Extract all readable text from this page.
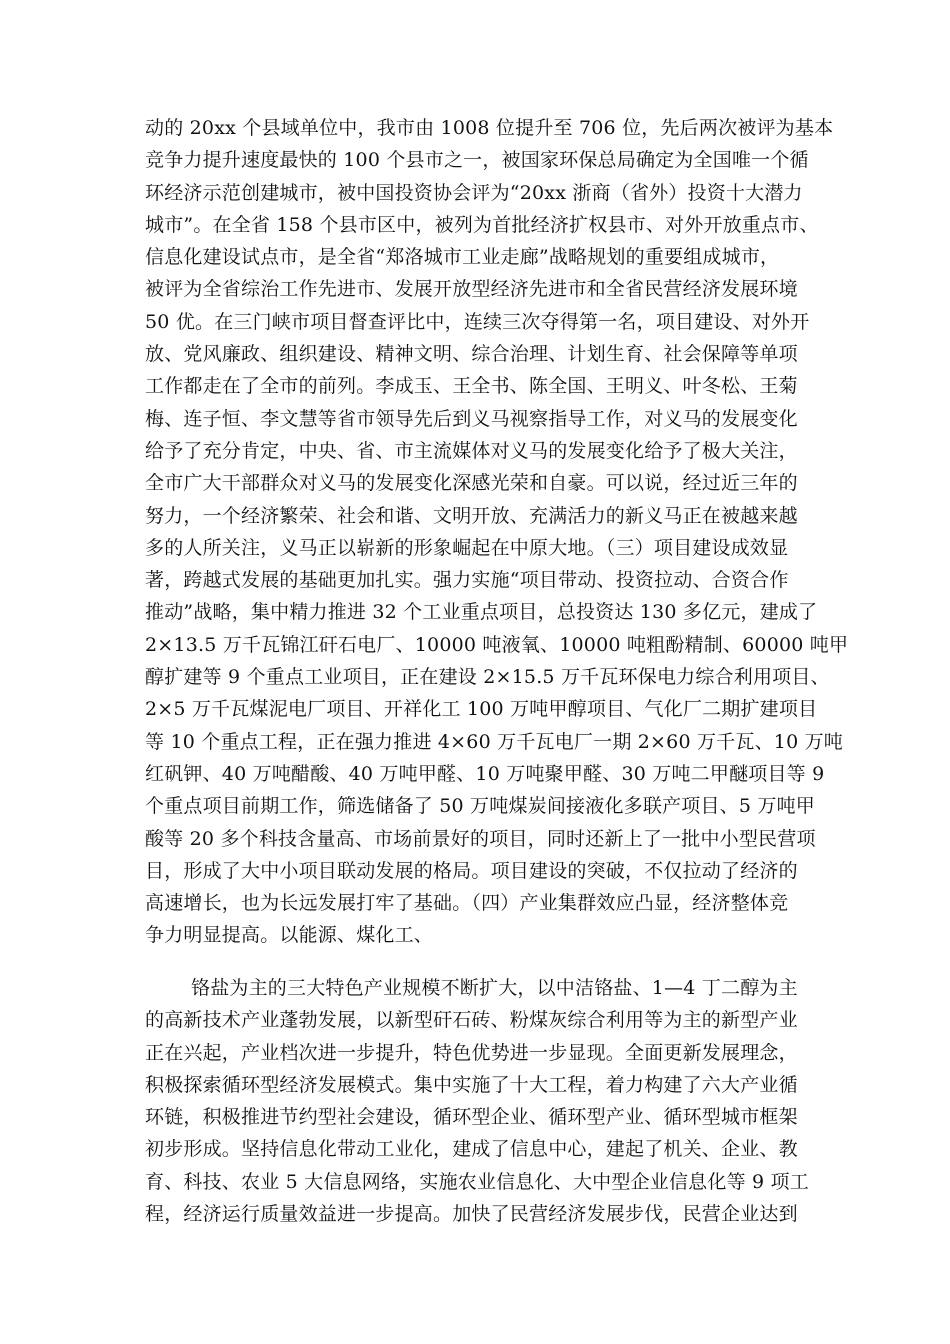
动的 20xx 个县域单位中，我市由 1008 位提升至 706 位，先后两次被评为基本
竞争力提升速度最快的 100 个县市之一，被国家环保总局确定为全国唯一个循
环经济示范创建城市，被中国投资协会评为“20xx 浙商（省外）投资十大潜力
城市”。在全省 158 个县市区中，被列为首批经济扩权县市、对外开放重点市、
信息化建设试点市，是全省“郑洛城市工业走廊”战略规划的重要组成城市，
被评为全省综治工作先进市、发展开放型经济先进市和全省民营经济发展环境
50 优。在三门峡市项目督查评比中，连续三次夺得第一名，项目建设、对外开
放、党风廉政、组织建设、精神文明、综合治理、计划生育、社会保障等单项
工作都走在了全市的前列。李成玉、王全书、陈全国、王明义、叶冬松、王菊
梅、连子恒、李文慧等省市领导先后到义马视察指导工作，对义马的发展变化
给予了充分肯定，中央、省、市主流媒体对义马的发展变化给予了极大关注，
全市广大干部群众对义马的发展变化深感光荣和自豪。可以说，经过近三年的
努力，一个经济繁荣、社会和谐、文明开放、充满活力的新义马正在被越来越
多的人所关注，义马正以崭新的形象崛起在中原大地。（三）项目建设成效显
著，跨越式发展的基础更加扎实。强力实施“项目带动、投资拉动、合资合作
推动”战略，集中精力推进 32 个工业重点项目，总投资达 130 多亿元，建成了
2×13.5 万千瓦锦江矸石电厂、10000 吨液氧、10000 吨粗酚精制、60000 吨甲
醇扩建等 9 个重点工业项目，正在建设 2×15.5 万千瓦环保电力综合利用项目、
2×5 万千瓦煤泥电厂项目、开祥化工 100 万吨甲醇项目、气化厂二期扩建项目
等 10 个重点工程，正在强力推进 4×60 万千瓦电厂一期 2×60 万千瓦、10 万吨
红矾钾、40 万吨醋酸、40 万吨甲醛、10 万吨聚甲醛、30 万吨二甲醚项目等 9
个重点项目前期工作，筛选储备了 50 万吨煤炭间接液化多联产项目、5 万吨甲
酸等 20 多个科技含量高、市场前景好的项目，同时还新上了一批中小型民营项
目，形成了大中小项目联动发展的格局。项目建设的突破，不仅拉动了经济的
高速增长，也为长远发展打牢了基础。（四）产业集群效应凸显，经济整体竞
争力明显提高。以能源、煤化工、
铬盐为主的三大特色产业规模不断扩大，以中洁铬盐、1—4 丁二醇为主
的高新技术产业蓬勃发展，以新型矸石砖、粉煤灰综合利用等为主的新型产业
正在兴起，产业档次进一步提升，特色优势进一步显现。全面更新发展理念，
积极探索循环型经济发展模式。集中实施了十大工程，着力构建了六大产业循
环链，积极推进节约型社会建设，循环型企业、循环型产业、循环型城市框架
初步形成。坚持信息化带动工业化，建成了信息中心，建起了机关、企业、教
育、科技、农业 5 大信息网络，实施农业信息化、大中型企业信息化等 9 项工
程，经济运行质量效益进一步提高。加快了民营经济发展步伐，民营企业达到
